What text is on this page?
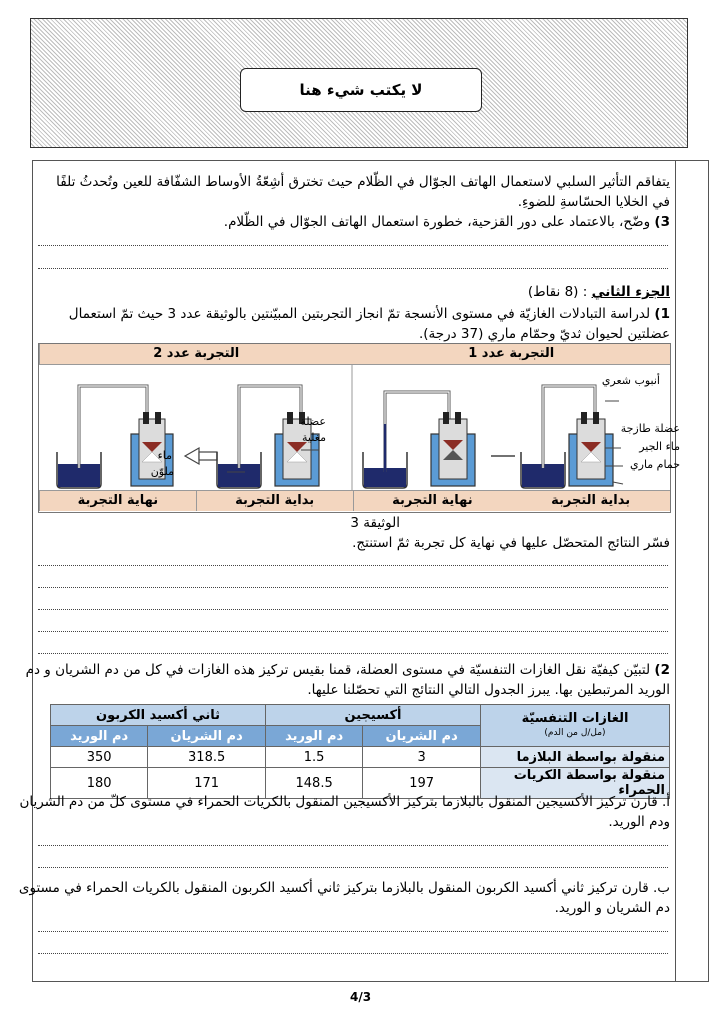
لا يكتب شيء هنا
يتفاقم التأثير السلبي لاستعمال الهاتف الجوّال في الظّلام حيث تخترق أشِعّةُ الأوساط الشفّافة للعين وتُحدثُ تلفًا
في الخلايا الحسّاسةِ للضوءِ.
3) وضّح، بالاعتماد على دور القزحية، خطورة استعمال الهاتف الجوّال في الظّلام.
الجزء الثاني : (8 نقاط)
1) لدراسة التبادلات الغازيّة في مستوى الأنسجة تمّ انجاز التجربتين المبيّنتين بالوثيقة عدد 3 حيث تمّ استعمال
عضلتين لحيوان ثديّ وحمّام ماري (37 درجة).
التجربة عدد 2	التجربة عدد 1
نهاية التجربة	بداية التجربة	نهاية التجربة	بداية التجربة
أنبوب شعري
عضلة طازجة
ماء الجير
حمام ماري
عضلة
مغلية
ماء
ملوّن
الوثيقة 3
فسّر النتائج المتحصّل عليها في نهاية كل تجربة ثمّ استنتج.
2) لتبيّن كيفيّة نقل الغازات التنفسيّة في مستوى العضلة، قمنا بقيس تركيز هذه الغازات في كل من دم الشريان و دم
الوريد المرتبطين بها. يبرز الجدول التالي النتائج التي تحصّلنا عليها.
الغازات التنفسيّة
(مل/ل من الدم)	أكسيجين		ثاني أكسيد الكربون	
	دم الشريان	دم الوريد	دم الشريان	دم الوريد
منقولة بواسطة البلازما	3	1.5	318.5	350
منقولة بواسطة الكريات الحمراء	197	148.5	171	180
أ. قارن تركيز الأكسيجين المنقول بالبلازما بتركيز الأكسيجين المنقول بالكريات الحمراء في مستوى كلّ من دم الشريان
ودم الوريد.
ب. قارن تركيز ثاني أكسيد الكربون المنقول بالبلازما بتركيز ثاني أكسيد الكربون المنقول بالكريات الحمراء في مستوى
دم الشريان و الوريد.
4/3
